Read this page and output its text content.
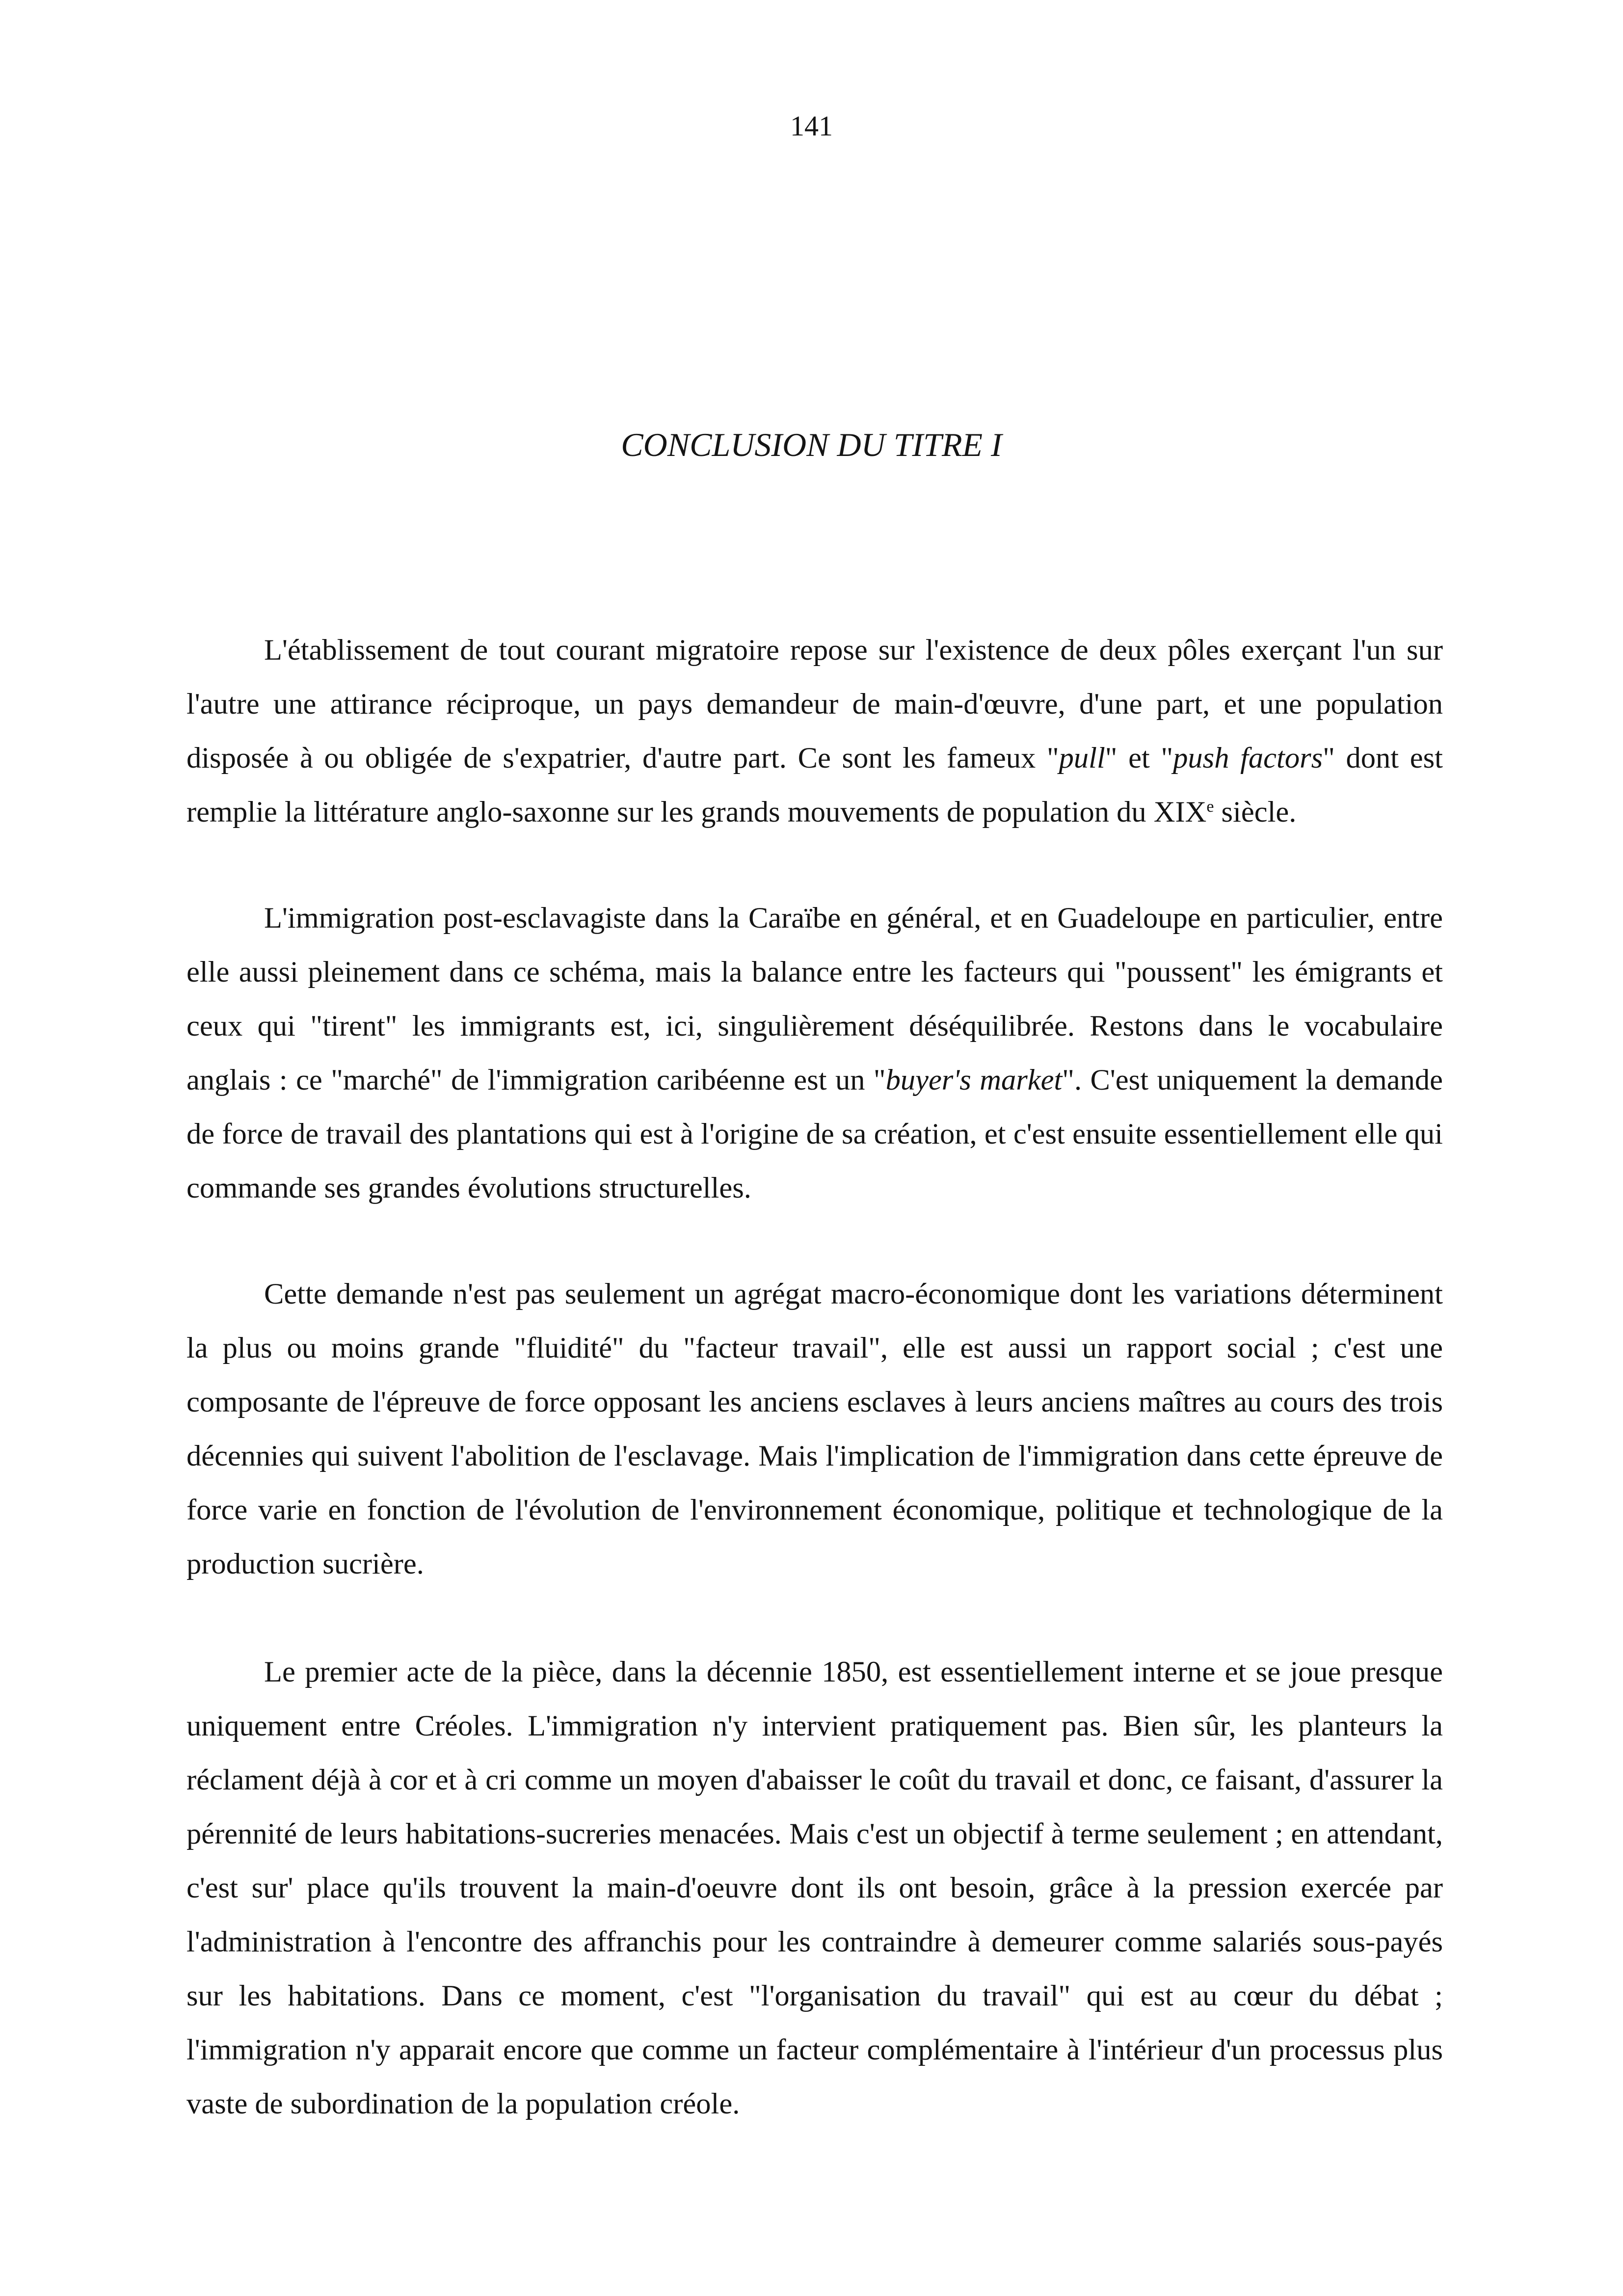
141
CONCLUSION DU TITRE I

L'établissement de tout courant migratoire repose sur l'existence de deux pôles exerçant l'un sur l'autre une attirance réciproque, un pays demandeur de main-d'œuvre, d'une part, et une population disposée à ou obligée de s'expatrier, d'autre part. Ce sont les fameux "pull" et "push factors" dont est remplie la littérature anglo-saxonne sur les grands mouvements de population du XIXe siècle.

L'immigration post-esclavagiste dans la Caraïbe en général, et en Guadeloupe en particulier, entre elle aussi pleinement dans ce schéma, mais la balance entre les facteurs qui "poussent" les émigrants et ceux qui "tirent" les immigrants est, ici, singulièrement déséquilibrée. Restons dans le vocabulaire anglais : ce "marché" de l'immigration caribéenne est un "buyer's market". C'est uniquement la demande de force de travail des plantations qui est à l'origine de sa création, et c'est ensuite essentiellement elle qui commande ses grandes évolutions structurelles.

Cette demande n'est pas seulement un agrégat macro-économique dont les variations déterminent la plus ou moins grande "fluidité" du "facteur travail", elle est aussi un rapport social ; c'est une composante de l'épreuve de force opposant les anciens esclaves à leurs anciens maîtres au cours des trois décennies qui suivent l'abolition de l'esclavage. Mais l'implication de l'immigration dans cette épreuve de force varie en fonction de l'évolution de l'environnement économique, politique et technologique de la production sucrière.

Le premier acte de la pièce, dans la décennie 1850, est essentiellement interne et se joue presque uniquement entre Créoles. L'immigration n'y intervient pratiquement pas. Bien sûr, les planteurs la réclament déjà à cor et à cri comme un moyen d'abaisser le coût du travail et donc, ce faisant, d'assurer la pérennité de leurs habitations-sucreries menacées. Mais c'est un objectif à terme seulement ; en attendant, c'est sur' place qu'ils trouvent la main-d'oeuvre dont ils ont besoin, grâce à la pression exercée par l'administration à l'encontre des affranchis pour les contraindre à demeurer comme salariés sous-payés sur les habitations. Dans ce moment, c'est "l'organisation du travail" qui est au cœur du débat ; l'immigration n'y apparait encore que comme un facteur complémentaire à l'intérieur d'un processus plus vaste de subordination de la population créole.
